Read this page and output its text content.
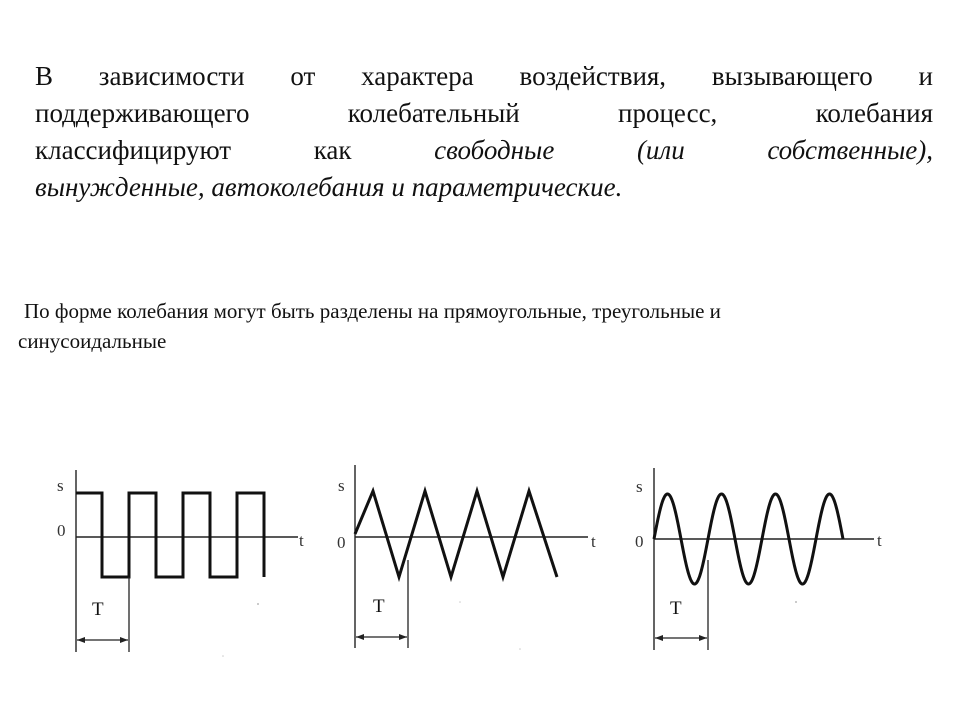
В зависимости от характера воздействия, вызывающего и
поддерживающего колебательный процесс, колебания
классифицируют как свободные (или собственные),
вынужденные, автоколебания и параметрические.
По форме колебания могут быть разделены на прямоугольные, треугольные и
синусоидальные
s
0
t
T
s
0	t
T
s
0	t
T
